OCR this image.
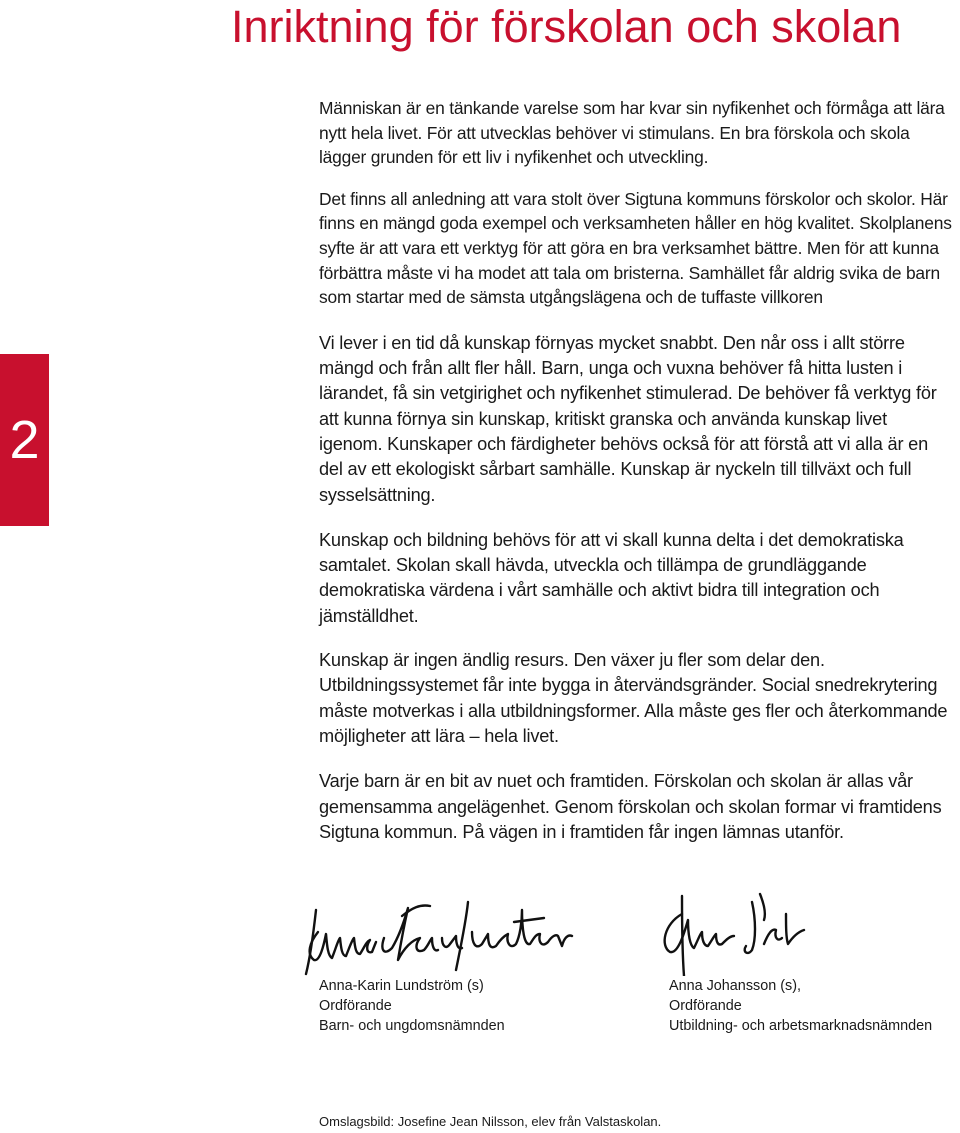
Inriktning för förskolan och skolan
2

Människan är en tänkande varelse som har kvar sin nyfikenhet och förmåga att lära nytt hela livet. För att utvecklas behöver vi stimulans. En bra förskola och skola lägger grunden för ett liv i nyfikenhet och utveckling.

Det finns all anledning att vara stolt över Sigtuna kommuns förskolor och skolor. Här finns en mängd goda exempel och verksamheten håller en hög kvalitet. Skolplanens syfte är att vara ett verktyg för att göra en bra verksamhet bättre. Men för att kunna förbättra måste vi ha modet att tala om bristerna. Samhället får aldrig svika de barn som startar med de sämsta utgångslägena och de tuffaste villkoren

Vi lever i en tid då kunskap förnyas mycket snabbt. Den når oss i allt större mängd och från allt fler håll. Barn, unga och vuxna behöver få hitta lusten i lärandet, få sin vetgirighet och nyfikenhet stimulerad. De behöver få verktyg för att kunna förnya sin kunskap, kritiskt granska och använda kunskap livet igenom. Kunskaper och färdigheter behövs också för att förstå att vi alla är en del av ett ekologiskt sårbart samhälle. Kunskap är nyckeln till tillväxt och full sysselsättning.

Kunskap och bildning behövs för att vi skall kunna delta i det demokratiska samtalet. Skolan skall hävda, utveckla och tillämpa de grundläggande demokratiska värdena i vårt samhälle och aktivt bidra till integration och jämställdhet.

Kunskap är ingen ändlig resurs. Den växer ju fler som delar den. Utbildningssystemet får inte bygga in återvändsgränder. Social snedrekrytering måste motverkas i alla utbildningsformer. Alla måste ges fler och återkommande möjligheter att lära – hela livet.

Varje barn är en bit av nuet och framtiden. Förskolan och skolan är allas vår gemensamma angelägenhet. Genom förskolan och skolan formar vi framtidens Sigtuna kommun. På vägen in i framtiden får ingen lämnas utanför.

Anna-Karin Lundström (s)
Ordförande
Barn- och ungdomsnämnden
Anna Johansson (s),
Ordförande
Utbildning- och arbetsmarknadsnämnden
Omslagsbild: Josefine Jean Nilsson, elev från Valstaskolan.
